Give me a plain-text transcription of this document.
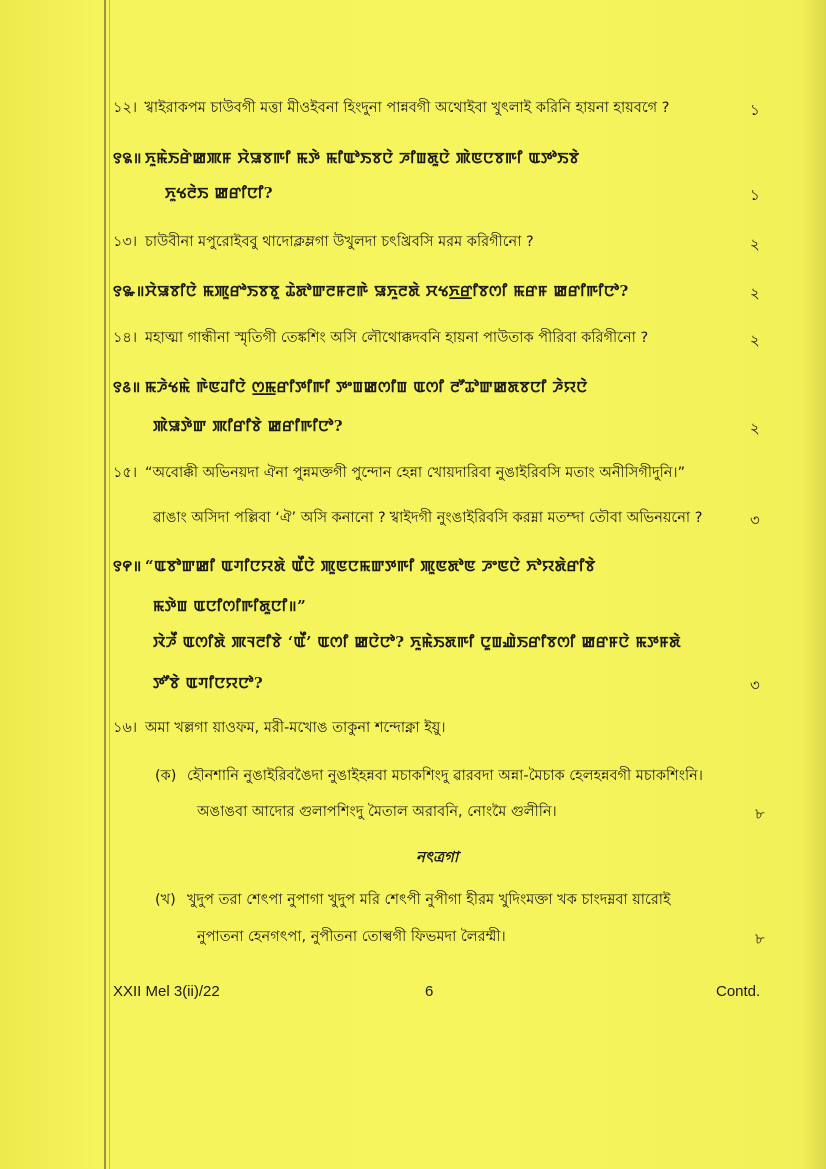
১২। খ্বাইরাকপম চাউবগী মত্তা মীওইবনা হিংদুনা পান্নবগী অথোইবা খুৎলাই করিনি হায়না হায়বগে ?	১
꯱꯲॥ ꯈꯨꯃꯥꯏꯔꯥꯀꯄꯝ ꯆꯥꯎꯕꯒꯤ ꯃꯇꯥ ꯃꯤꯑꯣꯏꯕꯅꯥ ꯍꯤꯡꯗꯨꯅꯥ ꯄꯥꯟꯅꯕꯒꯤ ꯑꯇꯣꯏꯕꯥ
ꯈꯨꯠꯂꯥꯏ ꯀꯔꯤꯅꯤ?	১
১৩। চাউবীনা মপুরোইববু থাদোক্লম্লগা উখুলদা চৎখ্রিবসি মরম করিগীনো ?	২
꯱꯳॥ꯆꯥꯎꯕꯤꯅꯥ ꯃꯄꯨꯔꯣꯏꯕꯕꯨ ꯊꯥꯗꯣꯛꯂꯝꯂꯒꯥ ꯎꯈꯨꯂꯗꯥ ꯆꯠꯈ꯭ꯔꯤꯕꯁꯤ ꯃꯔꯝ ꯀꯔꯤꯒꯤꯅꯣ?	২
১৪। মহাত্মা গান্ধীনা স্মৃতিগী তেঙ্কশিং অসি লৌথোক্কদবনি হায়না পাউতাক পীরিবা করিগীনো ?	২
꯱꯴॥ ꯃꯍꯥꯠꯃꯥ ꯒꯥꯟꯙꯤꯅꯥ ꯁ꯭ꯃꯔꯤꯇꯤꯒꯤ ꯇꯦꯡꯀꯁꯤꯡ ꯑꯁꯤ ꯂꯧꯊꯣꯛꯀꯗꯕꯅꯤ ꯍꯥꯌꯅꯥ
ꯄꯥꯎꯇꯥꯛ ꯄꯤꯔꯤꯕꯥ ꯀꯔꯤꯒꯤꯅꯣ?	২
১৫। “অবোক্কী অভিনয়দা ঐনা পুন্নমক্তগী পুন্দোন হেন্না খোয়দারিবা নুঙাইরিবসি মতাং অনীসিগীদুনি।”
ৱাঙাং অসিদা পল্লিবা ‘ঐ’ অসি কনানো ? খ্বাইদগী নুংঙাইরিবসি করম্না মতম্দা তৌবা অভিনয়নো ?	৩
꯱꯵॥ “ꯑꯕꯣꯛꯀꯤ ꯑꯚꯤꯅꯌꯗꯥ ꯑꯩꯅꯥ ꯄꯨꯟꯅꯃꯛꯇꯒꯤ ꯄꯨꯟꯗꯣꯟ ꯍꯦꯟꯅꯥ ꯈꯣꯌꯗꯥꯔꯤꯕꯥ
ꯃꯇꯥꯡ ꯑꯅꯤꯁꯤꯒꯤꯗꯨꯅꯤ॥”
ꯋꯥꯍꯩ ꯑꯁꯤꯗꯥ ꯄꯜꯂꯤꯕꯥ ‘ꯑꯩ’ ꯑꯁꯤ ꯀꯅꯥꯅꯣ? ꯈꯨꯃꯥꯏꯗꯒꯤ ꯅꯨꯡꯉꯥꯏꯔꯤꯕꯁꯤ ꯀꯔꯝꯅꯥ ꯃꯇꯝꯗꯥ
ꯇꯧꯕꯥ ꯑꯚꯤꯅꯌꯅꯣ?	৩
১৬। অমা খল্লগা য়াওফম, মরী-মখোঙ তাকুনা শন্দোক্না ইয়ু।
(ক) হৌনশানি নুঙাইরিবঙৈদা নুঙাইহন্নবা মচাকশিংদু ৱারবদা অন্না-মৈচাক হেলহন্নবগী মচাকশিংনি।
অঙাঙবা আদোর গুলাপশিংদু মৈতাল অরাবনি, নোংমৈ গুলীনি।	৮
নৎত্রগা
(খ) খুদুপ তরা শেৎপা নুপাগা খুদুপ মরি শেৎপী নুপীগা হীরম খুদিংমক্তা খক চাংদম্নবা য়ারোই
নুপাতনা হেনগৎপা, নুপীতনা তোল্বগী ফিভমদা লৈরম্মী।	৮
XXII Mel 3(ii)/22	6	Contd.
